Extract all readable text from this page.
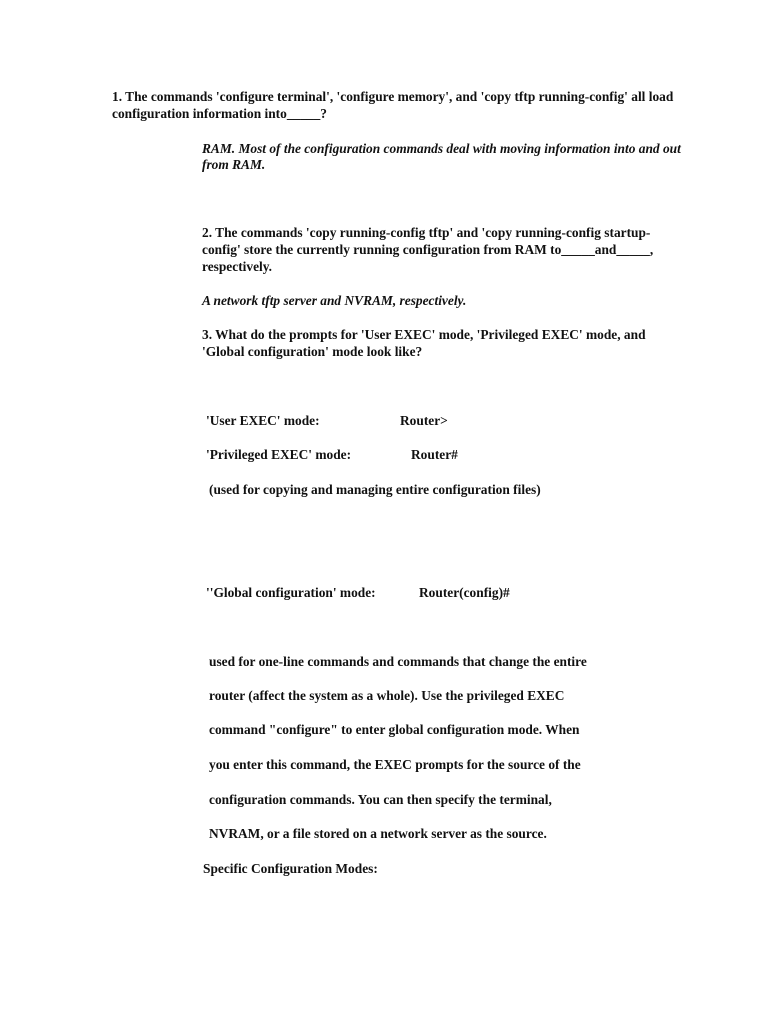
1. The commands 'configure terminal', 'configure memory', and 'copy tftp running-config' all load
configuration information into_____?
RAM. Most of the configuration commands deal with moving information into and out
from RAM.
2. The commands 'copy running-config tftp' and 'copy running-config startup-
config' store the currently running configuration from RAM to_____and_____,
respectively.
A network tftp server and NVRAM, respectively.
3. What do the prompts for 'User EXEC' mode, 'Privileged EXEC' mode, and
'Global configuration' mode look like?
'User EXEC' mode:	Router>
'Privileged EXEC' mode:	Router#
(used for copying and managing entire configuration files)
''Global configuration' mode:	Router(config)#
used for one-line commands and commands that change the entire
router (affect the system as a whole). Use the privileged EXEC
command "configure" to enter global configuration mode. When
you enter this command, the EXEC prompts for the source of the
configuration commands. You can then specify the terminal,
NVRAM, or a file stored on a network server as the source.
Specific Configuration Modes:
